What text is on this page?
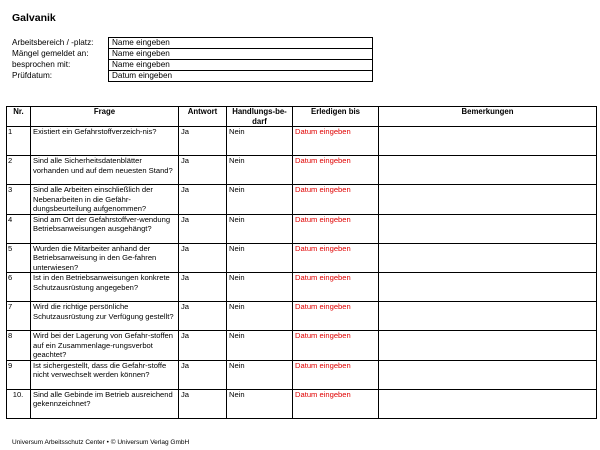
Galvanik
Arbeitsbereich / -platz:	Name eingeben
Mängel gemeldet an:	Name eingeben
besprochen mit:	Name eingeben
Prüfdatum:	Datum eingeben
Nr.	Frage	Antwort	Handlungs-be-darf	Erledigen bis	Bemerkungen
1	Existiert ein Gefahrstoffverzeich-nis?	Ja	Nein	Datum eingeben	
2	Sind alle Sicherheitsdatenblätter vorhanden und auf dem neuesten Stand?	Ja	Nein	Datum eingeben	
3	Sind alle Arbeiten einschließlich der Nebenarbeiten in die Gefähr-dungsbeurteilung aufgenommen?	Ja	Nein	Datum eingeben	
4	Sind am Ort der Gefahrstoffver-wendung Betriebsanweisungen ausgehängt?	Ja	Nein	Datum eingeben	
5	Wurden die Mitarbeiter anhand der Betriebsanweisung in den Ge-fahren unterwiesen?	Ja	Nein	Datum eingeben	
6	Ist in den Betriebsanweisungen konkrete Schutzausrüstung angegeben?	Ja	Nein	Datum eingeben	
7	Wird die richtige persönliche Schutzausrüstung zur Verfügung gestellt?	Ja	Nein	Datum eingeben	
8	Wird bei der Lagerung von Gefahr-stoffen auf ein Zusammenlage-rungsverbot geachtet?	Ja	Nein	Datum eingeben	
9	Ist sichergestellt, dass die Gefahr-stoffe nicht verwechselt werden können?	Ja	Nein	Datum eingeben	
10.	Sind alle Gebinde im Betrieb ausreichend gekennzeichnet?	Ja	Nein	Datum eingeben	
Universum Arbeitsschutz Center • © Universum Verlag GmbH
